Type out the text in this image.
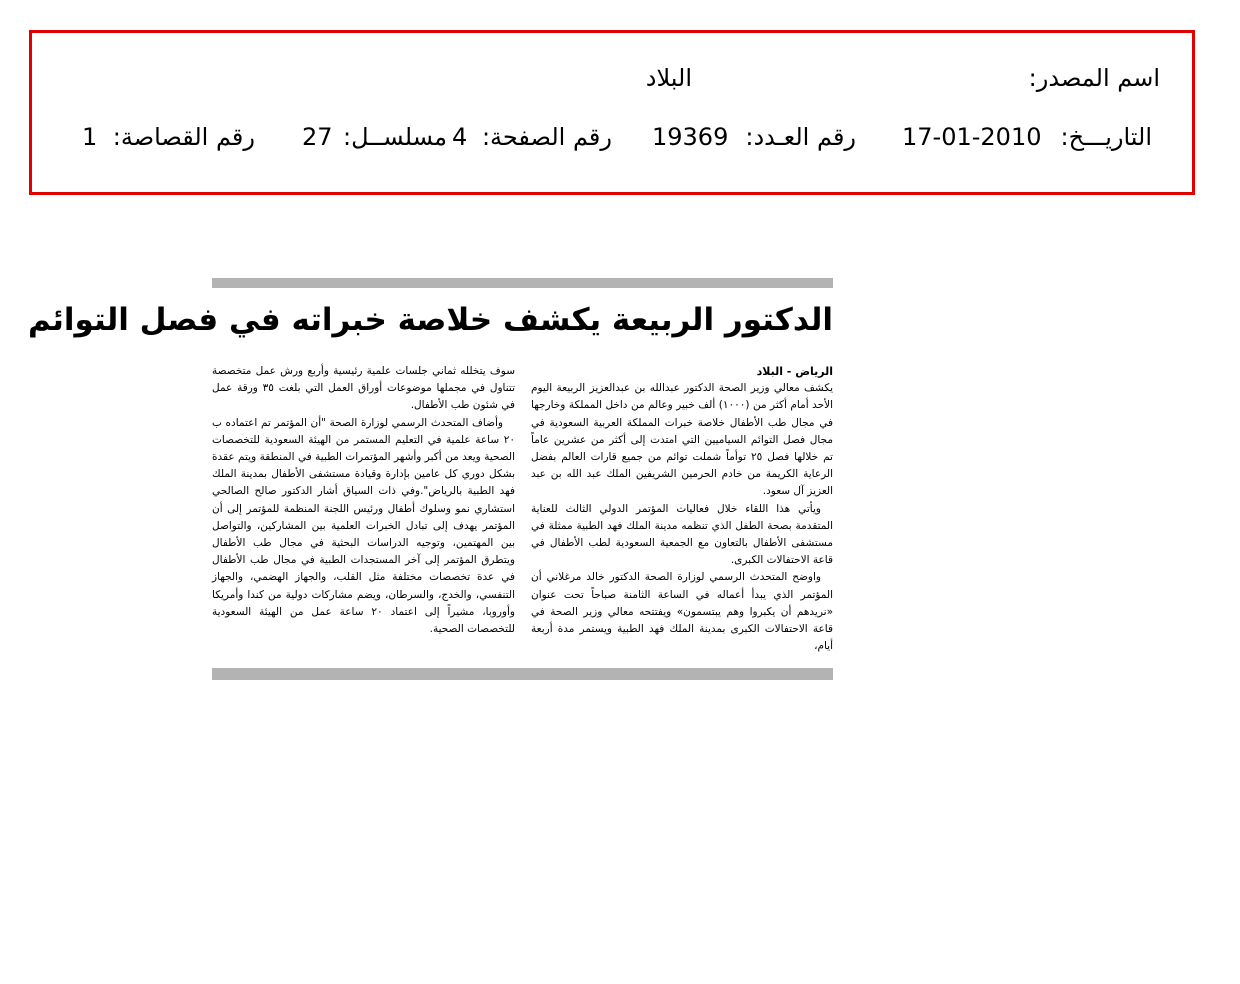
اسم المصدر:
البلاد
التاريـــخ:
17-01-2010
رقم العـدد:
19369
رقم الصفحة:
4
مسلســل:
27
رقم القصاصة:
1
الدكتور الربيعة يكشف خلاصة خبراته في فصل التوائم
الرياض - البلاد

يكشف معالي وزير الصحة الدكتور عبدالله بن عبدالعزيز الربيعة اليوم الأحد أمام أكثر من (١٠٠٠) ألف خبير وعالم من داخل المملكة وخارجها في مجال طب الأطفال خلاصة خبرات المملكة العربية السعودية في مجال فصل التوائم السياميين التي امتدت إلى أكثر من عشرين عاماً تم خلالها فصل ٢٥ توأماً شملت توائم من جميع قارات العالم بفضل الرعاية الكريمة من خادم الحرمين الشريفين الملك عبد الله بن عبد العزيز آل سعود.

ويأتي هذا اللقاء خلال فعاليات المؤتمر الدولي الثالث للعناية المتقدمة بصحة الطفل الذي تنظمه مدينة الملك فهد الطبية ممثلة في مستشفى الأطفال بالتعاون مع الجمعية السعودية لطب الأطفال في قاعة الاحتفالات الكبرى.

واوضح المتحدث الرسمي لوزارة الصحة الدكتور خالد مرغلاني أن المؤتمر الذي يبدأ أعماله في الساعة الثامنة صباحاً تحت عنوان «نريدهم أن يكبروا وهم يبتسمون» ويفتتحه معالي وزير الصحة في قاعة الاحتفالات الكبرى بمدينة الملك فهد الطبية ويستمر مدة أربعة أيام،

سوف يتخلله ثماني جلسات علمية رئيسية وأربع ورش عمل متخصصة تتناول في مجملها موضوعات أوراق العمل التي بلغت ٣٥ ورقة عمل في شئون طب الأطفال.

وأضاف المتحدث الرسمي لوزارة الصحة "أن المؤتمر تم اعتماده ب ٢٠ ساعة علمية في التعليم المستمر من الهيئة السعودية للتخصصات الصحية ويعد من أكبر وأشهر المؤتمرات الطبية في المنطقة ويتم عقدة بشكل دوري كل عامين بإدارة وقيادة مستشفى الأطفال بمدينة الملك فهد الطبية بالرياض".وفي ذات السياق أشار الدكتور صالح الصالحي استشاري نمو وسلوك أطفال ورئيس اللجنة المنظمة للمؤتمر إلى أن المؤتمر يهدف إلى تبادل الخبرات العلمية بين المشاركين، والتواصل بين المهتمين، وتوجيه الدراسات البحثية في مجال طب الأطفال ويتطرق المؤتمر إلى آخر المستجدات الطبية في مجال طب الأطفال في عدة تخصصات مختلفة مثل القلب، والجهاز الهضمي، والجهاز التنفسي، والخدج، والسرطان، ويضم مشاركات دولية من كندا وأمريكا وأوروبا، مشيراً إلى اعتماد ٢٠ ساعة عمل من الهيئة السعودية للتخصصات الصحية.
